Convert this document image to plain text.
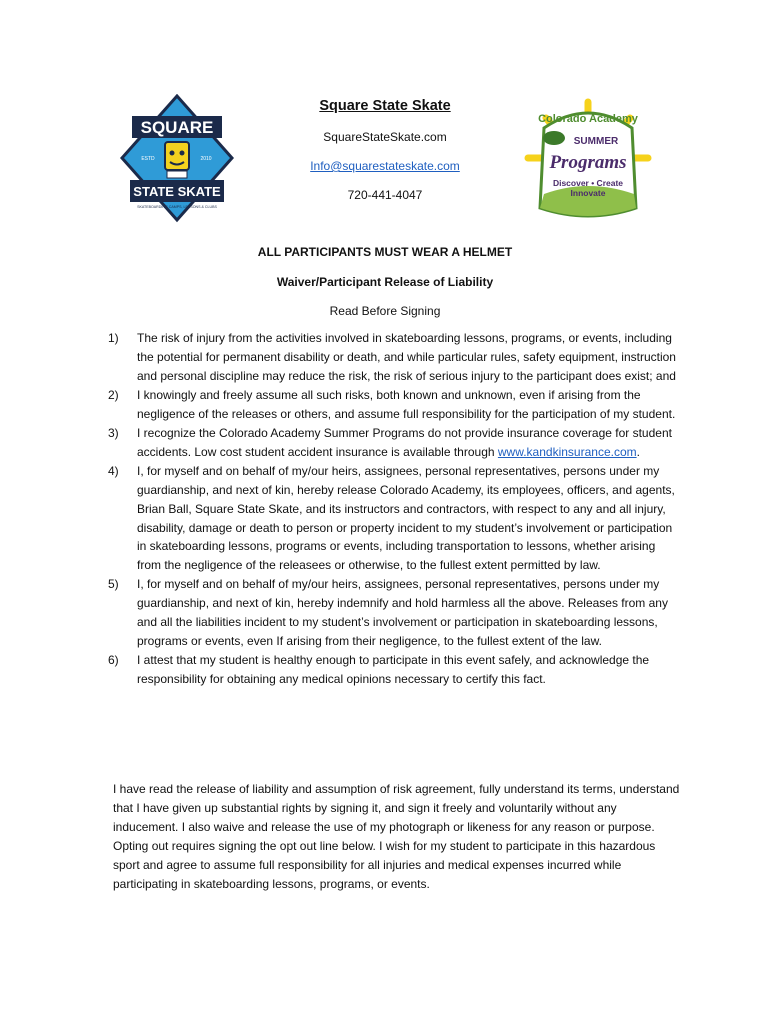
SQUARE
ESTD	2010
STATE SKATE
SKATEBOARDING CAMPS, LESSONS & CLUBS

Square State Skate

SquareStateSkate.com

Info@squarestateskate.com

720-441-4047

Colorado Academy
SUMMER
Programs
Discover • Create
Innovate
ALL PARTICIPANTS MUST WEAR A HELMET
Waiver/Participant Release of Liability
Read Before Signing
1) The risk of injury from the activities involved in skateboarding lessons, programs, or events, including the potential for permanent disability or death, and while particular rules, safety equipment, instruction and personal discipline may reduce the risk, the risk of serious injury to the participant does exist; and
2) I knowingly and freely assume all such risks, both known and unknown, even if arising from the negligence of the releases or others, and assume full responsibility for the participation of my student.
3) I recognize the Colorado Academy Summer Programs do not provide insurance coverage for student accidents. Low cost student accident insurance is available through www.kandkinsurance.com.
4) I, for myself and on behalf of my/our heirs, assignees, personal representatives, persons under my guardianship, and next of kin, hereby release Colorado Academy, its employees, officers, and agents, Brian Ball, Square State Skate, and its instructors and contractors, with respect to any and all injury, disability, damage or death to person or property incident to my student’s involvement or participation in skateboarding lessons, programs or events, including transportation to lessons, whether arising from the negligence of the releasees or otherwise, to the fullest extent permitted by law.
5) I, for myself and on behalf of my/our heirs, assignees, personal representatives, persons under my guardianship, and next of kin, hereby indemnify and hold harmless all the above. Releases from any and all the liabilities incident to my student’s involvement or participation in skateboarding lessons, programs or events, even If arising from their negligence, to the fullest extent of the law.
6) I attest that my student is healthy enough to participate in this event safely, and acknowledge the responsibility for obtaining any medical opinions necessary to certify this fact.

I have read the release of liability and assumption of risk agreement, fully understand its terms, understand that I have given up substantial rights by signing it, and sign it freely and voluntarily without any inducement. I also waive and release the use of my photograph or likeness for any reason or purpose. Opting out requires signing the opt out line below. I wish for my student to participate in this hazardous sport and agree to assume full responsibility for all injuries and medical expenses incurred while participating in skateboarding lessons, programs, or events.
